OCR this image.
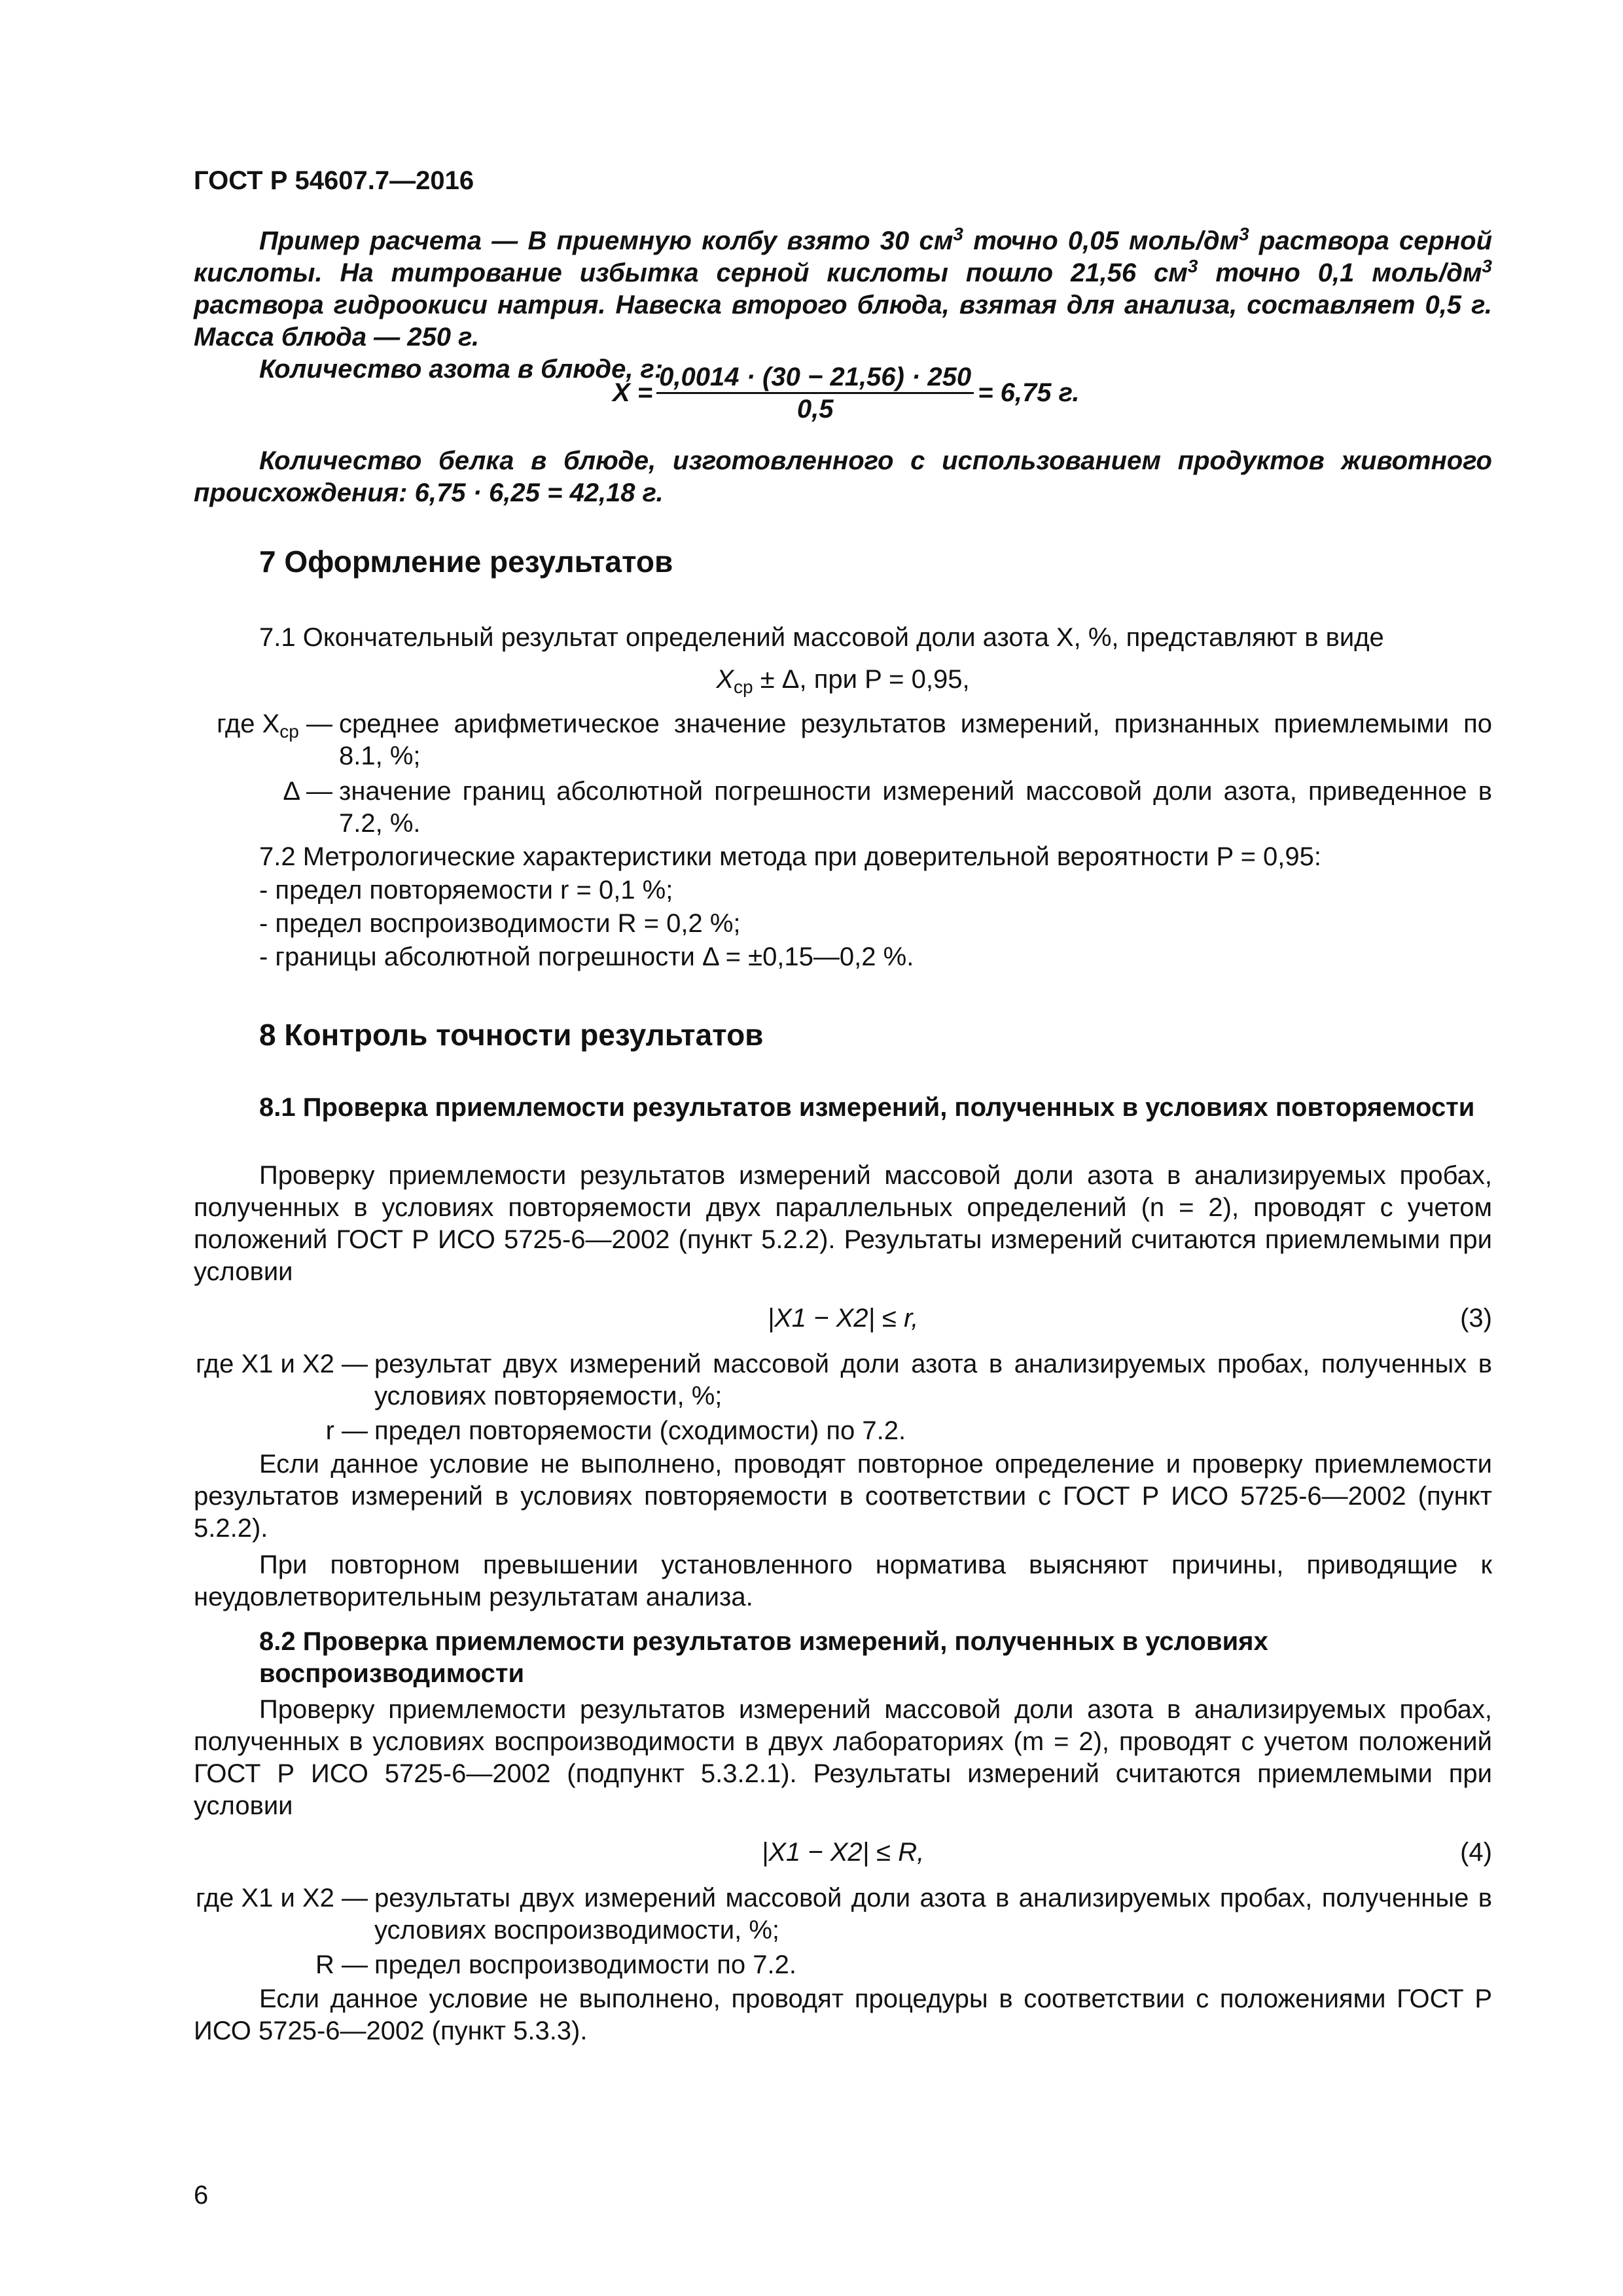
ГОСТ Р 54607.7—2016

Пример расчета — В приемную колбу взято 30 $см^3$ точно 0,05 моль/$дм^3$ раствора серной кислоты. На титрование избытка серной кислоты пошло 21,56 $см^3$ точно 0,1 моль/$дм^3$ раствора гидроокиси натрия. Навеска второго блюда, взятая для анализа, составляет 0,5 г. Масса блюда — 250 г.

Количество азота в блюде, г:

$X = \frac{0,0014 \cdot (30 - 21,56) \cdot 250}{0,5} = 6,75$ г.
Количество белка в блюде, изготовленного с использованием продуктов животного происхождения: 6,75 · 6,25 = 42,18 г.
7 Оформление результатов
7.1 Окончательный результат определений массовой доли азота X, %, представляют в виде
$X_{ср} \pm \Delta$, при P = 0,95,
где $X_{ср}$ — среднее арифметическое значение результатов измерений, признанных приемлемыми по 8.1, %;
Δ — значение границ абсолютной погрешности измерений массовой доли азота, приведенное в 7.2, %.
7.2 Метрологические характеристики метода при доверительной вероятности P = 0,95:
- предел повторяемости r = 0,1 %;
- предел воспроизводимости R = 0,2 %;
- границы абсолютной погрешности Δ = ±0,15—0,2 %.
8 Контроль точности результатов
8.1 Проверка приемлемости результатов измерений, полученных в условиях повторяемости
Проверку приемлемости результатов измерений массовой доли азота в анализируемых пробах, полученных в условиях повторяемости двух параллельных определений (n = 2), проводят с учетом положений ГОСТ Р ИСО 5725-6—2002 (пункт 5.2.2). Результаты измерений считаются приемлемыми при условии
|X1 − X2| ≤ r,	(3)
где X1 и X2 — результат двух измерений массовой доли азота в анализируемых пробах, полученных в условиях повторяемости, %;
r — предел повторяемости (сходимости) по 7.2.
Если данное условие не выполнено, проводят повторное определение и проверку приемлемости результатов измерений в условиях повторяемости в соответствии с ГОСТ Р ИСО 5725-6—2002 (пункт 5.2.2).
При повторном превышении установленного норматива выясняют причины, приводящие к неудовлетворительным результатам анализа.
8.2 Проверка приемлемости результатов измерений, полученных в условиях воспроизводимости
Проверку приемлемости результатов измерений массовой доли азота в анализируемых пробах, полученных в условиях воспроизводимости в двух лабораториях (m = 2), проводят с учетом положений ГОСТ Р ИСО 5725-6—2002 (подпункт 5.3.2.1). Результаты измерений считаются приемлемыми при условии
|X1 − X2| ≤ R,	(4)
где X1 и X2 — результаты двух измерений массовой доли азота в анализируемых пробах, полученные в условиях воспроизводимости, %;
R — предел воспроизводимости по 7.2.
Если данное условие не выполнено, проводят процедуры в соответствии с положениями ГОСТ Р ИСО 5725-6—2002 (пункт 5.3.3).
6
